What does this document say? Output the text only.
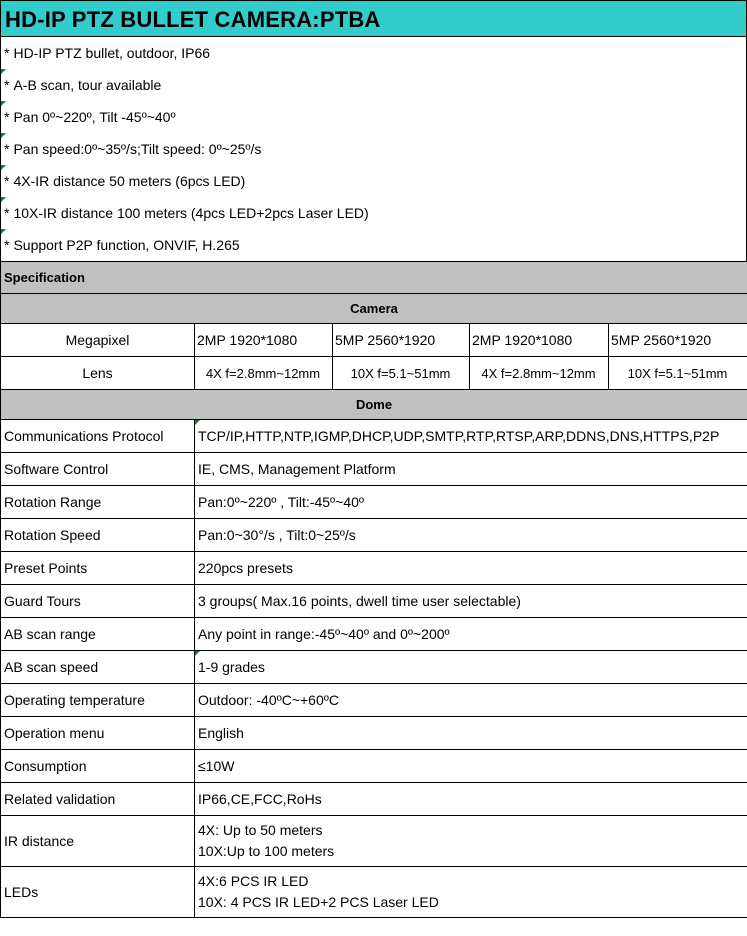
HD-IP PTZ BULLET CAMERA:PTBA
* HD-IP PTZ bullet, outdoor, IP66
* A-B scan, tour available
* Pan 0º~220º, Tilt -45º~40º
* Pan speed:0º~35º/s;Tilt speed: 0º~25º/s
* 4X-IR distance 50 meters (6pcs LED)
* 10X-IR distance 100 meters (4pcs LED+2pcs Laser LED)
* Support P2P function, ONVIF, H.265
Specification				
Camera				
Megapixel	2MP 1920*1080	5MP 2560*1920	2MP 1920*1080	5MP 2560*1920
Lens	4X f=2.8mm~12mm	10X f=5.1~51mm	4X f=2.8mm~12mm	10X f=5.1~51mm
Dome				
Communications Protocol	TCP/IP,HTTP,NTP,IGMP,DHCP,UDP,SMTP,RTP,RTSP,ARP,DDNS,DNS,HTTPS,P2P			
Software Control	IE, CMS, Management Platform			
Rotation Range	Pan:0º~220º , Tilt:-45º~40º			
Rotation Speed	Pan:0~30°/s , Tilt:0~25º/s			
Preset Points	220pcs presets			
Guard Tours	3 groups( Max.16 points, dwell time user selectable)			
AB scan range	Any point in range:-45º~40º and 0º~200º			
AB scan speed	1-9 grades			
Operating temperature	Outdoor: -40ºC~+60ºC			
Operation menu	English			
Consumption	≤10W			
Related validation	IP66,CE,FCC,RoHs			
IR distance	4X: Up to 50 meters
10X:Up to 100 meters			

LEDs	4X:6 PCS IR LED
10X: 4 PCS IR LED+2 PCS Laser LED			
